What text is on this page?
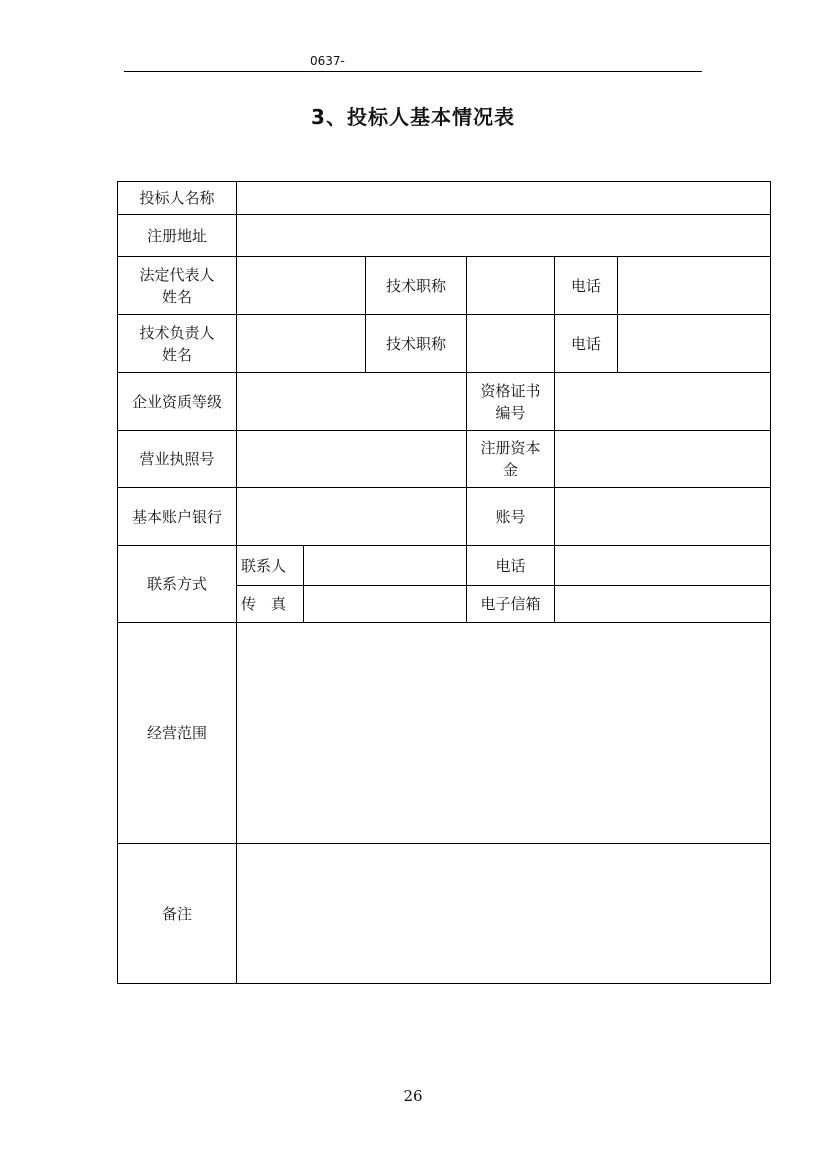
0637-
3、投标人基本情况表
投标人名称						
注册地址						

法定代表人
姓名			技术职称		电话	

技术负责人
姓名			技术职称		电话	
企业资质等级				资格证书
编号		

营业执照号				注册资本
金		

基本账户银行				账号		
联系方式	联系人			电话		
	传　真			电子信箱		
经营范围						
备注						
26
